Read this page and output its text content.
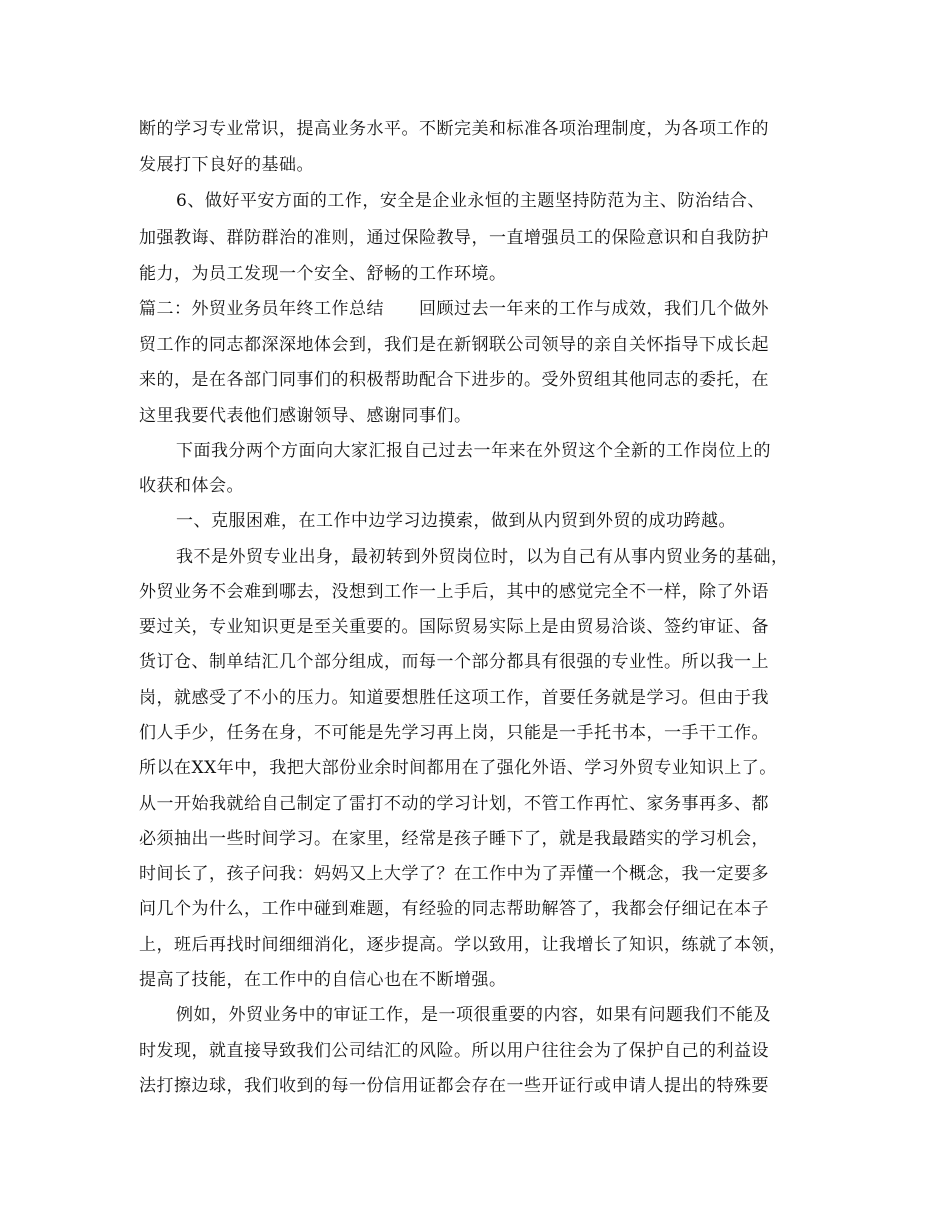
断的学习专业常识，提高业务水平。不断完美和标准各项治理制度，为各项工作的
发展打下良好的基础。
6、做好平安方面的工作，安全是企业永恒的主题坚持防范为主、防治结合、
加强教诲、群防群治的准则，通过保险教导，一直增强员工的保险意识和自我防护
能力，为员工发现一个安全、舒畅的工作环境。
篇二：外贸业务员年终工作总结　　回顾过去一年来的工作与成效，我们几个做外
贸工作的同志都深深地体会到，我们是在新钢联公司领导的亲自关怀指导下成长起
来的，是在各部门同事们的积极帮助配合下进步的。受外贸组其他同志的委托，在
这里我要代表他们感谢领导、感谢同事们。
下面我分两个方面向大家汇报自己过去一年来在外贸这个全新的工作岗位上的
收获和体会。
一、克服困难，在工作中边学习边摸索，做到从内贸到外贸的成功跨越。
我不是外贸专业出身，最初转到外贸岗位时，以为自己有从事内贸业务的基础，
外贸业务不会难到哪去，没想到工作一上手后，其中的感觉完全不一样，除了外语
要过关，专业知识更是至关重要的。国际贸易实际上是由贸易洽谈、签约审证、备
货订仓、制单结汇几个部分组成，而每一个部分都具有很强的专业性。所以我一上
岗，就感受了不小的压力。知道要想胜任这项工作，首要任务就是学习。但由于我
们人手少，任务在身，不可能是先学习再上岗，只能是一手托书本，一手干工作。
所以在XX年中，我把大部份业余时间都用在了强化外语、学习外贸专业知识上了。
从一开始我就给自己制定了雷打不动的学习计划，不管工作再忙、家务事再多、都
必须抽出一些时间学习。在家里，经常是孩子睡下了，就是我最踏实的学习机会，
时间长了，孩子问我：妈妈又上大学了？在工作中为了弄懂一个概念，我一定要多
问几个为什么，工作中碰到难题，有经验的同志帮助解答了，我都会仔细记在本子
上，班后再找时间细细消化，逐步提高。学以致用，让我增长了知识，练就了本领，
提高了技能，在工作中的自信心也在不断增强。
例如，外贸业务中的审证工作，是一项很重要的内容，如果有问题我们不能及
时发现，就直接导致我们公司结汇的风险。所以用户往往会为了保护自己的利益设
法打擦边球，我们收到的每一份信用证都会存在一些开证行或申请人提出的特殊要
